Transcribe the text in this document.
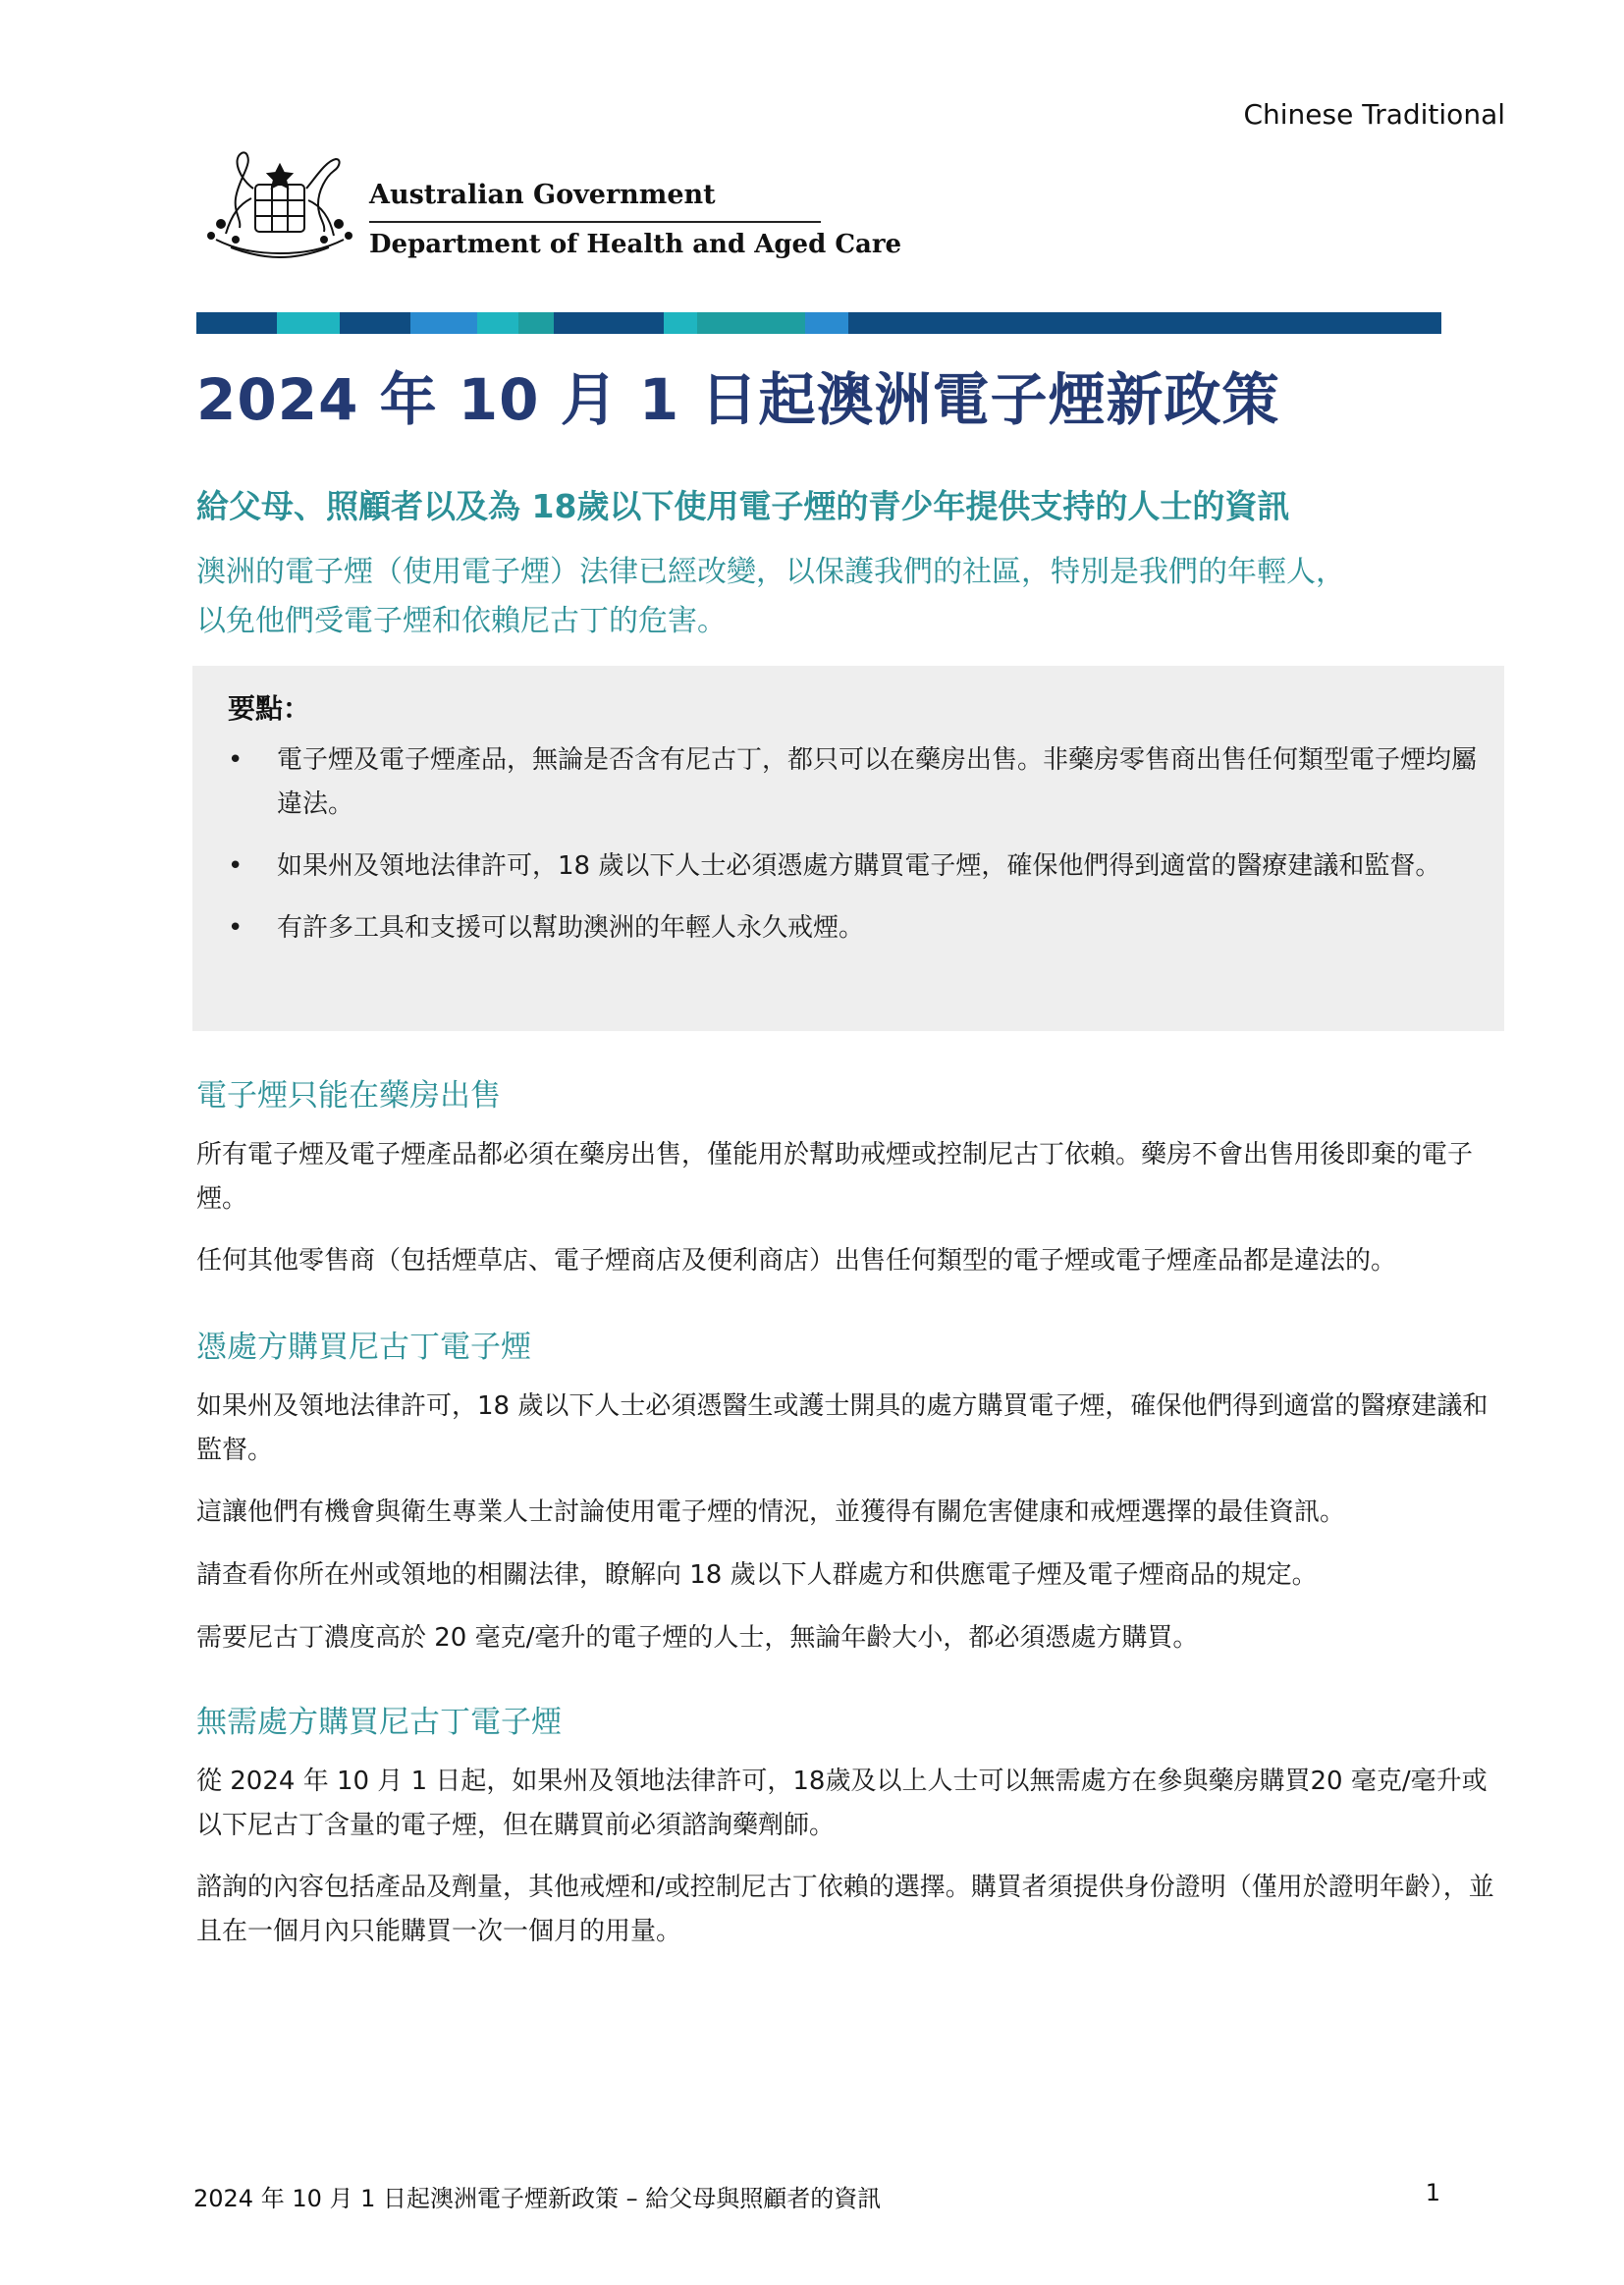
Chinese Traditional
Australian Government
Department of Health and Aged Care
2024 年 10 月 1 日起澳洲電子煙新政策
給父母、照顧者以及為 18歲以下使用電子煙的青少年提供支持的人士的資訊
澳洲的電子煙（使用電子煙）法律已經改變，以保護我們的社區，特別是我們的年輕人，
以免他們受電子煙和依賴尼古丁的危害。
要點：
• 電子煙及電子煙產品，無論是否含有尼古丁，都只可以在藥房出售。非藥房零售商出售任何類型電子煙均屬違法。
• 如果州及領地法律許可，18 歲以下人士必須憑處方購買電子煙，確保他們得到適當的醫療建議和監督。
• 有許多工具和支援可以幫助澳洲的年輕人永久戒煙。
電子煙只能在藥房出售
所有電子煙及電子煙產品都必須在藥房出售，僅能用於幫助戒煙或控制尼古丁依賴。藥房不會出售用後即棄的電子煙。
任何其他零售商（包括煙草店、電子煙商店及便利商店）出售任何類型的電子煙或電子煙產品都是違法的。
憑處方購買尼古丁電子煙
如果州及領地法律許可，18 歲以下人士必須憑醫生或護士開具的處方購買電子煙，確保他們得到適當的醫療建議和監督。
這讓他們有機會與衛生專業人士討論使用電子煙的情況，並獲得有關危害健康和戒煙選擇的最佳資訊。
請查看你所在州或領地的相關法律，瞭解向 18 歲以下人群處方和供應電子煙及電子煙商品的規定。
需要尼古丁濃度高於 20 毫克/毫升的電子煙的人士，無論年齡大小，都必須憑處方購買。
無需處方購買尼古丁電子煙
從 2024 年 10 月 1 日起，如果州及領地法律許可，18歲及以上人士可以無需處方在參與藥房購買20 毫克/毫升或以下尼古丁含量的電子煙，但在購買前必須諮詢藥劑師。
諮詢的內容包括產品及劑量，其他戒煙和/或控制尼古丁依賴的選擇。購買者須提供身份證明（僅用於證明年齡），並且在一個月內只能購買一次一個月的用量。
2024 年 10 月 1 日起澳洲電子煙新政策 – 給父母與照顧者的資訊	1
